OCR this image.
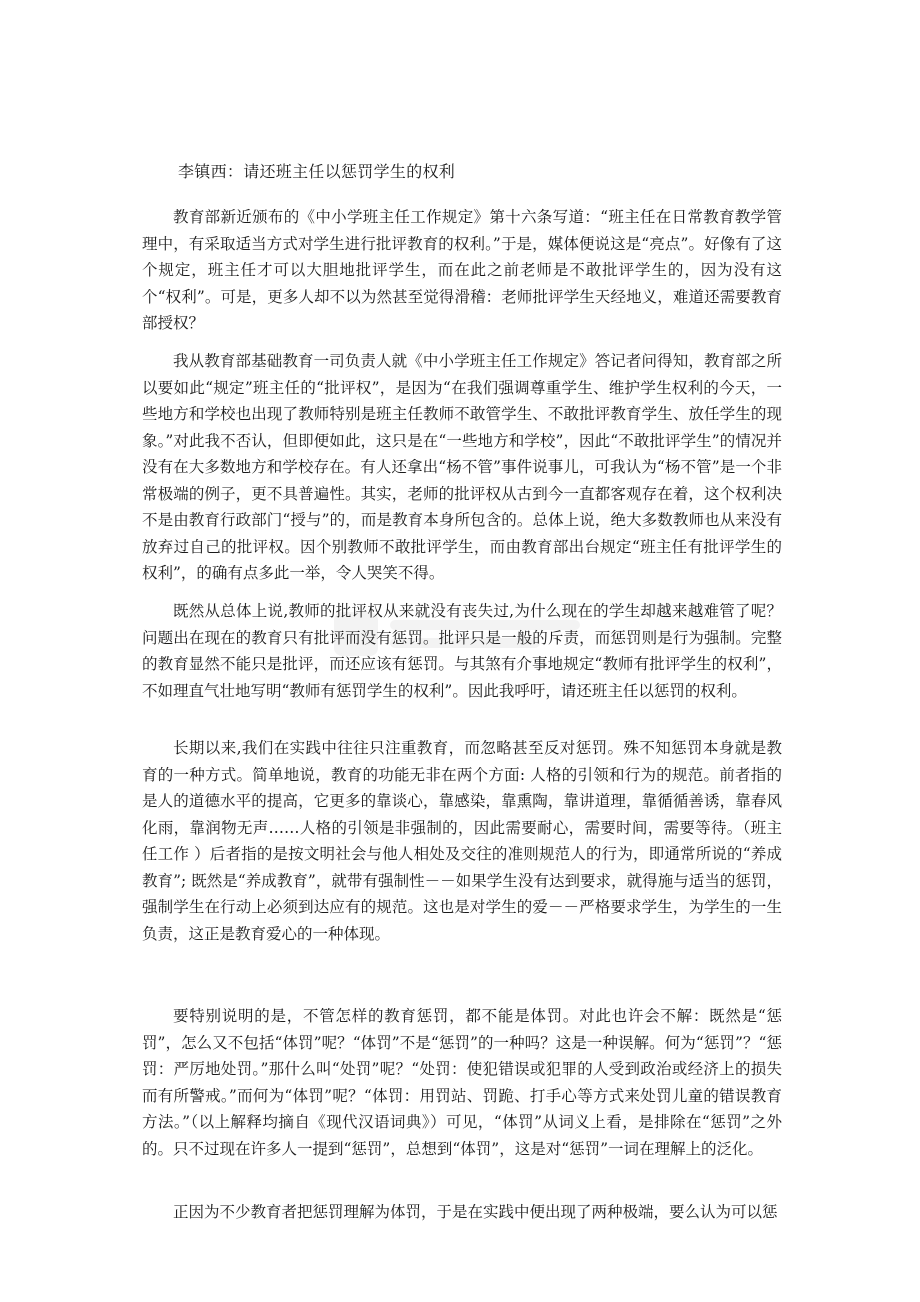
李镇西：请还班主任以惩罚学生的权利

教育部新近颁布的《中小学班主任工作规定》第十六条写道：“班主任在日常教育教学管理中，有采取适当方式对学生进行批评教育的权利。”于是，媒体便说这是“亮点”。好像有了这个规定，班主任才可以大胆地批评学生，而在此之前老师是不敢批评学生的，因为没有这个“权利”。可是，更多人却不以为然甚至觉得滑稽：老师批评学生天经地义，难道还需要教育部授权？

我从教育部基础教育一司负责人就《中小学班主任工作规定》答记者问得知，教育部之所以要如此“规定”班主任的“批评权”，是因为“在我们强调尊重学生、维护学生权利的今天，一些地方和学校也出现了教师特别是班主任教师不敢管学生、不敢批评教育学生、放任学生的现象。”对此我不否认，但即便如此，这只是在“一些地方和学校”，因此“不敢批评学生”的情况并没有在大多数地方和学校存在。有人还拿出“杨不管”事件说事儿，可我认为“杨不管”是一个非常极端的例子，更不具普遍性。其实，老师的批评权从古到今一直都客观存在着，这个权利决不是由教育行政部门“授与”的，而是教育本身所包含的。总体上说，绝大多数教师也从来没有放弃过自己的批评权。因个别教师不敢批评学生，而由教育部出台规定“班主任有批评学生的权利”，的确有点多此一举，令人哭笑不得。

既然从总体上说,教师的批评权从来就没有丧失过,为什么现在的学生却越来越难管了呢？问题出在现在的教育只有批评而没有惩罚。批评只是一般的斥责，而惩罚则是行为强制。完整的教育显然不能只是批评，而还应该有惩罚。与其煞有介事地规定“教师有批评学生的权利”，不如理直气壮地写明“教师有惩罚学生的权利”。因此我呼吁，请还班主任以惩罚的权利。

长期以来,我们在实践中往往只注重教育，而忽略甚至反对惩罚。殊不知惩罚本身就是教育的一种方式。简单地说，教育的功能无非在两个方面: 人格的引领和行为的规范。前者指的是人的道德水平的提高，它更多的靠谈心，靠感染，靠熏陶，靠讲道理，靠循循善诱，靠春风化雨，靠润物无声……人格的引领是非强制的，因此需要耐心，需要时间，需要等待。（班主任工作 ）后者指的是按文明社会与他人相处及交往的准则规范人的行为，即通常所说的“养成教育”; 既然是“养成教育”，就带有强制性－－如果学生没有达到要求，就得施与适当的惩罚，强制学生在行动上必须到达应有的规范。这也是对学生的爱－－严格要求学生，为学生的一生负责，这正是教育爱心的一种体现。

要特别说明的是，不管怎样的教育惩罚，都不能是体罚。对此也许会不解：既然是“惩罚”，怎么又不包括“体罚”呢？“体罚”不是“惩罚”的一种吗？这是一种误解。何为“惩罚”？“惩罚：严厉地处罚。”那什么叫“处罚”呢？“处罚：使犯错误或犯罪的人受到政治或经济上的损失而有所警戒。”而何为“体罚”呢？“体罚：用罚站、罚跪、打手心等方式来处罚儿童的错误教育方法。”（以上解释均摘自《现代汉语词典》）可见，“体罚”从词义上看，是排除在“惩罚”之外的。只不过现在许多人一提到“惩罚”，总想到“体罚”，这是对“惩罚”一词在理解上的泛化。

正因为不少教育者把惩罚理解为体罚，于是在实践中便出现了两种极端，要么认为可以惩
